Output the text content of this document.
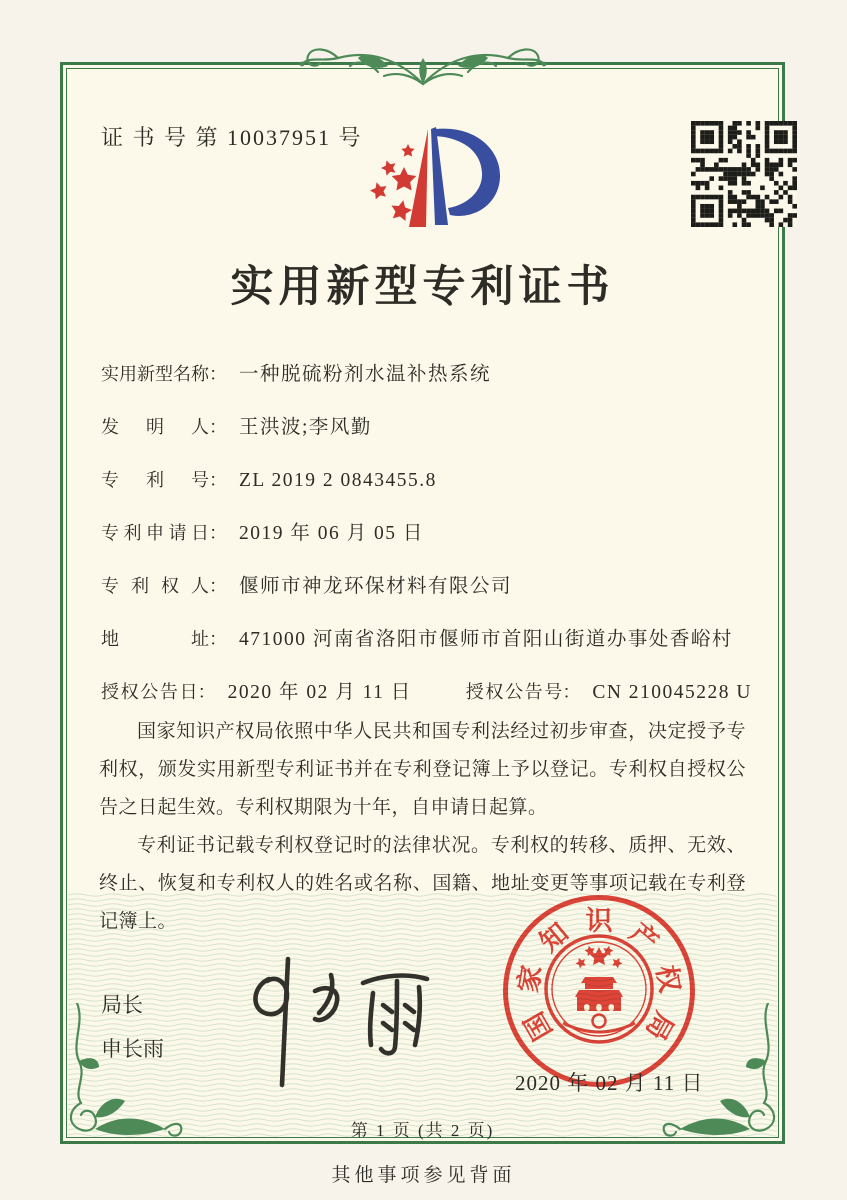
证 书 号 第 10037951 号
实用新型专利证书
实用新型名称 ： 一种脱硫粉剂水温补热系统
发明人 ： 王洪波;李风勤
专利号 ： ZL 2019 2 0843455.8
专利申请日 ： 2019 年 06 月 05 日
专利权人 ： 偃师市神龙环保材料有限公司
地址 ： 471000 河南省洛阳市偃师市首阳山街道办事处香峪村
授权公告日 ： 2020 年 02 月 11 日	授权公告号 ： CN 210045228 U

国家知识产权局依照中华人民共和国专利法经过初步审查，决定授予专利权，颁发实用新型专利证书并在专利登记簿上予以登记。专利权自授权公告之日起生效。专利权期限为十年，自申请日起算。

专利证书记载专利权登记时的法律状况。专利权的转移、质押、无效、终止、恢复和专利权人的姓名或名称、国籍、地址变更等事项记载在专利登记簿上。

局长
申长雨
国
家
知 识 产
权
局
2020 年 02 月 11 日
第 1 页 (共 2 页)
其他事项参见背面
